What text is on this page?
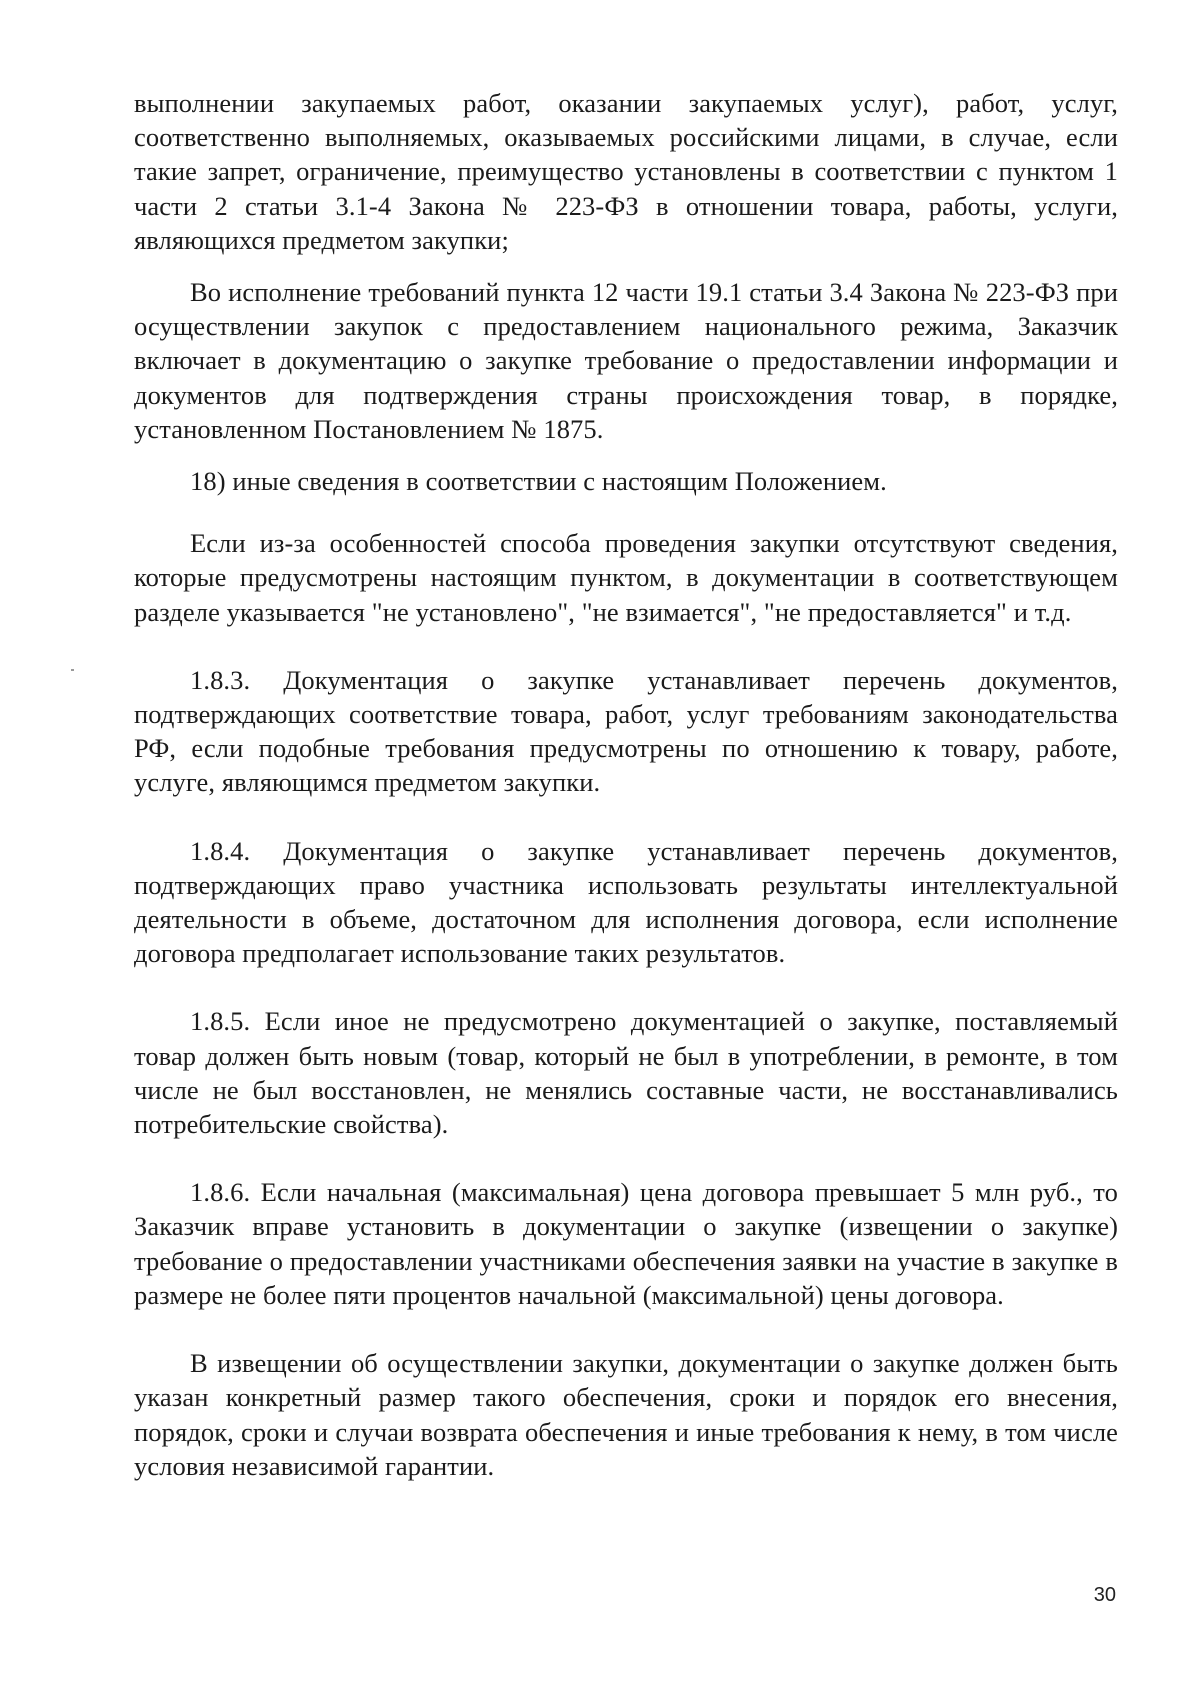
выполнении закупаемых работ, оказании закупаемых услуг), работ, услуг, соответственно выполняемых, оказываемых российскими лицами, в случае, если такие запрет, ограничение, преимущество установлены в соответствии с пунктом 1 части 2 статьи 3.1-4 Закона № 223-ФЗ в отношении товара, работы, услуги, являющихся предметом закупки;

Во исполнение требований пункта 12 части 19.1 статьи 3.4 Закона № 223-ФЗ при осуществлении закупок с предоставлением национального режима, Заказчик включает в документацию о закупке требование о предоставлении информации и документов для подтверждения страны происхождения товар, в порядке, установленном Постановлением № 1875.

18) иные сведения в соответствии с настоящим Положением.

Если из-за особенностей способа проведения закупки отсутствуют сведения, которые предусмотрены настоящим пунктом, в документации в соответствующем разделе указывается "не установлено", "не взимается", "не предоставляется" и т.д.

1.8.3. Документация о закупке устанавливает перечень документов, подтверждающих соответствие товара, работ, услуг требованиям законодательства РФ, если подобные требования предусмотрены по отношению к товару, работе, услуге, являющимся предметом закупки.

1.8.4. Документация о закупке устанавливает перечень документов, подтверждающих право участника использовать результаты интеллектуальной деятельности в объеме, достаточном для исполнения договора, если исполнение договора предполагает использование таких результатов.

1.8.5. Если иное не предусмотрено документацией о закупке, поставляемый товар должен быть новым (товар, который не был в употреблении, в ремонте, в том числе не был восстановлен, не менялись составные части, не восстанавливались потребительские свойства).

1.8.6. Если начальная (максимальная) цена договора превышает 5 млн руб., то Заказчик вправе установить в документации о закупке (извещении о закупке) требование о предоставлении участниками обеспечения заявки на участие в закупке в размере не более пяти процентов начальной (максимальной) цены договора.

В извещении об осуществлении закупки, документации о закупке должен быть указан конкретный размер такого обеспечения, сроки и порядок его внесения, порядок, сроки и случаи возврата обеспечения и иные требования к нему, в том числе условия независимой гарантии.

30
